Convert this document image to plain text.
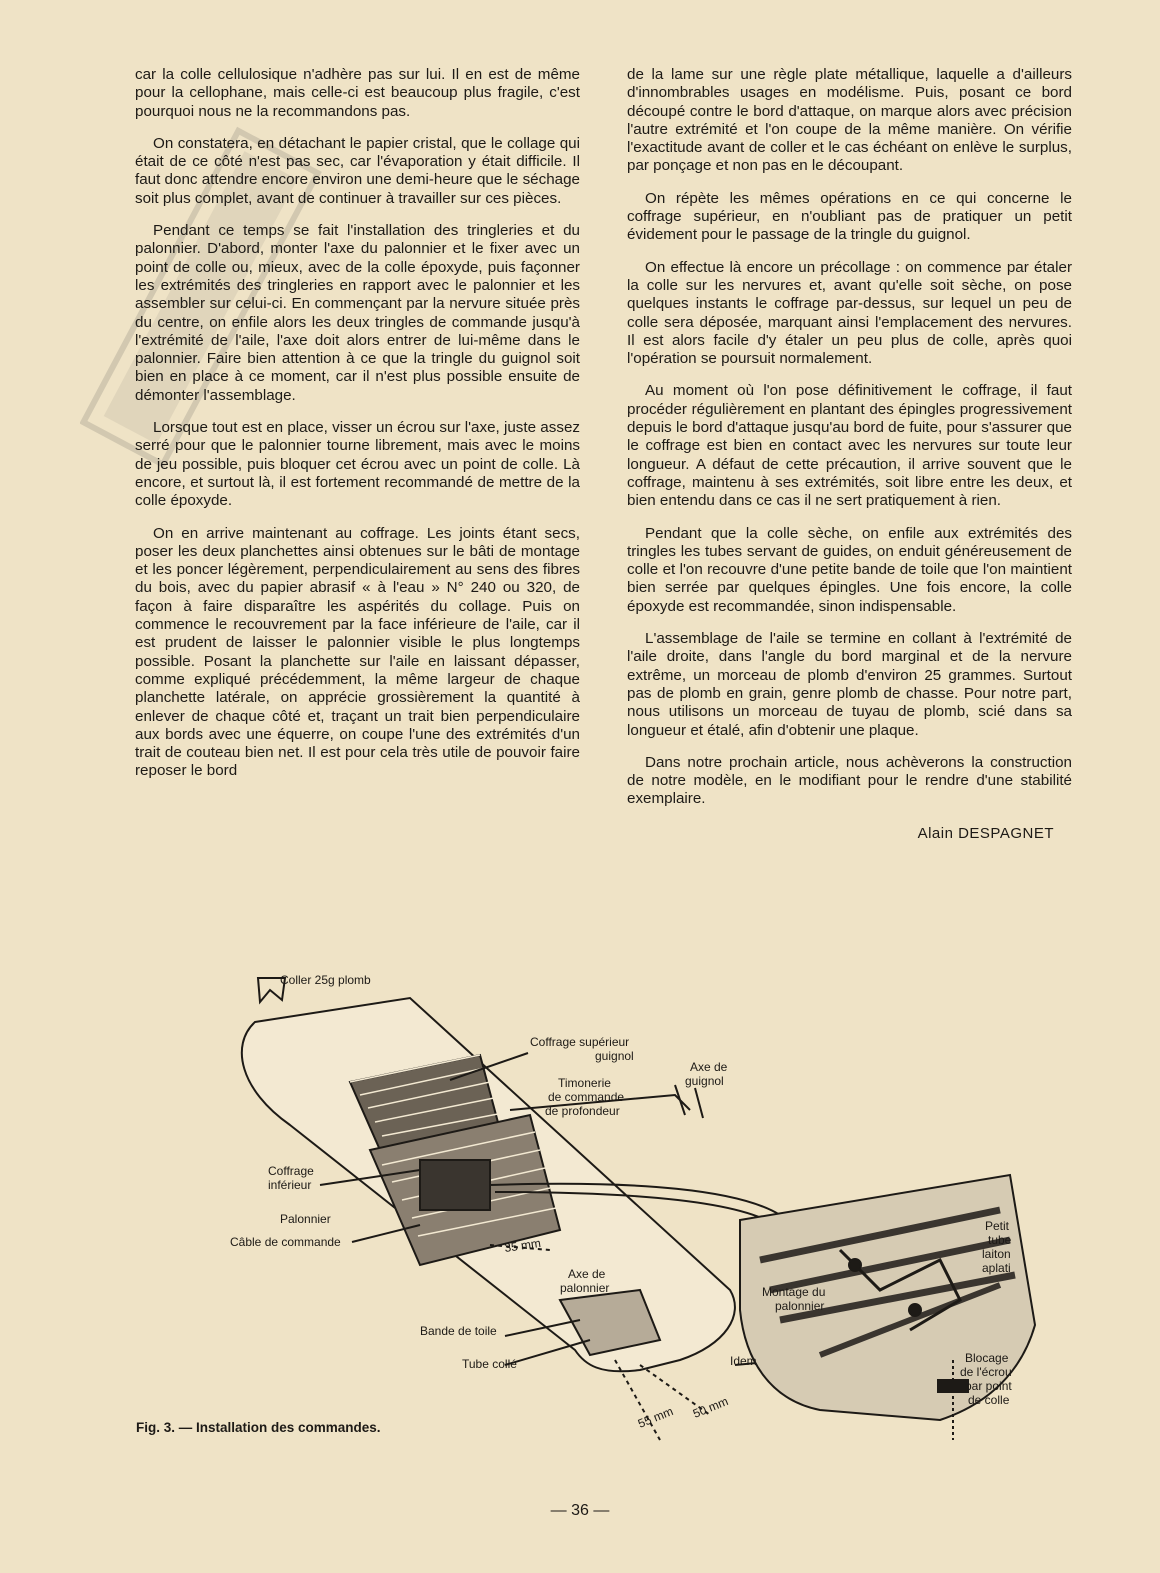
car la colle cellulosique n'adhère pas sur lui. Il en est de même pour la cellophane, mais celle-ci est beaucoup plus fragile, c'est pourquoi nous ne la recommandons pas.

On constatera, en détachant le papier cristal, que le collage qui était de ce côté n'est pas sec, car l'évaporation y était difficile. Il faut donc attendre encore environ une demi-heure que le séchage soit plus complet, avant de continuer à travailler sur ces pièces.

Pendant ce temps se fait l'installation des tringleries et du palonnier. D'abord, monter l'axe du palonnier et le fixer avec un point de colle ou, mieux, avec de la colle époxyde, puis façonner les extrémités des tringleries en rapport avec le palonnier et les assembler sur celui-ci. En commençant par la nervure située près du centre, on enfile alors les deux tringles de commande jusqu'à l'extrémité de l'aile, l'axe doit alors entrer de lui-même dans le palonnier. Faire bien attention à ce que la tringle du guignol soit bien en place à ce moment, car il n'est plus possible ensuite de démonter l'assemblage.

Lorsque tout est en place, visser un écrou sur l'axe, juste assez serré pour que le palonnier tourne librement, mais avec le moins de jeu possible, puis bloquer cet écrou avec un point de colle. Là encore, et surtout là, il est fortement recommandé de mettre de la colle époxyde.

On en arrive maintenant au coffrage. Les joints étant secs, poser les deux planchettes ainsi obtenues sur le bâti de montage et les poncer légèrement, perpendiculairement au sens des fibres du bois, avec du papier abrasif « à l'eau » N° 240 ou 320, de façon à faire disparaître les aspérités du collage. Puis on commence le recouvrement par la face inférieure de l'aile, car il est prudent de laisser le palonnier visible le plus longtemps possible. Posant la planchette sur l'aile en laissant dépasser, comme expliqué précédemment, la même largeur de chaque planchette latérale, on apprécie grossièrement la quantité à enlever de chaque côté et, traçant un trait bien perpendiculaire aux bords avec une équerre, on coupe l'une des extrémités d'un trait de couteau bien net. Il est pour cela très utile de pouvoir faire reposer le bord

de la lame sur une règle plate métallique, laquelle a d'ailleurs d'innombrables usages en modélisme. Puis, posant ce bord découpé contre le bord d'attaque, on marque alors avec précision l'autre extrémité et l'on coupe de la même manière. On vérifie l'exactitude avant de coller et le cas échéant on enlève le surplus, par ponçage et non pas en le découpant.

On répète les mêmes opérations en ce qui concerne le coffrage supérieur, en n'oubliant pas de pratiquer un petit évidement pour le passage de la tringle du guignol.

On effectue là encore un précollage : on commence par étaler la colle sur les nervures et, avant qu'elle soit sèche, on pose quelques instants le coffrage par-dessus, sur lequel un peu de colle sera déposée, marquant ainsi l'emplacement des nervures. Il est alors facile d'y étaler un peu plus de colle, après quoi l'opération se poursuit normalement.

Au moment où l'on pose définitivement le coffrage, il faut procéder régulièrement en plantant des épingles progressivement depuis le bord d'attaque jusqu'au bord de fuite, pour s'assurer que le coffrage est bien en contact avec les nervures sur toute leur longueur. A défaut de cette précaution, il arrive souvent que le coffrage, maintenu à ses extrémités, soit libre entre les deux, et bien entendu dans ce cas il ne sert pratiquement à rien.

Pendant que la colle sèche, on enfile aux extrémités des tringles les tubes servant de guides, on enduit généreusement de colle et l'on recouvre d'une petite bande de toile que l'on maintient bien serrée par quelques épingles. Une fois encore, la colle époxyde est recommandée, sinon indispensable.

L'assemblage de l'aile se termine en collant à l'extrémité de l'aile droite, dans l'angle du bord marginal et de la nervure extrême, un morceau de plomb d'environ 25 grammes. Surtout pas de plomb en grain, genre plomb de chasse. Pour notre part, nous utilisons un morceau de tuyau de plomb, scié dans sa longueur et étalé, afin d'obtenir une plaque.

Dans notre prochain article, nous achèverons la construction de notre modèle, en le modifiant pour le rendre d'une stabilité exemplaire.

Alain DESPAGNET
Coller 25g plomb
Coffrage supérieur
guignol
Axe de
guignol
Timonerie
de commande
de profondeur
Coffrage
inférieur
Palonnier
Câble de commande	35 mm
Axe de
palonnier
Bande de toile
Tube collé
55 mm 50 mm
Idem
Montage du
palonnier
Petit
tube
laiton
aplati
Blocage
de l'écrou
par point
de colle
Fig. 3. — Installation des commandes.
— 36 —
